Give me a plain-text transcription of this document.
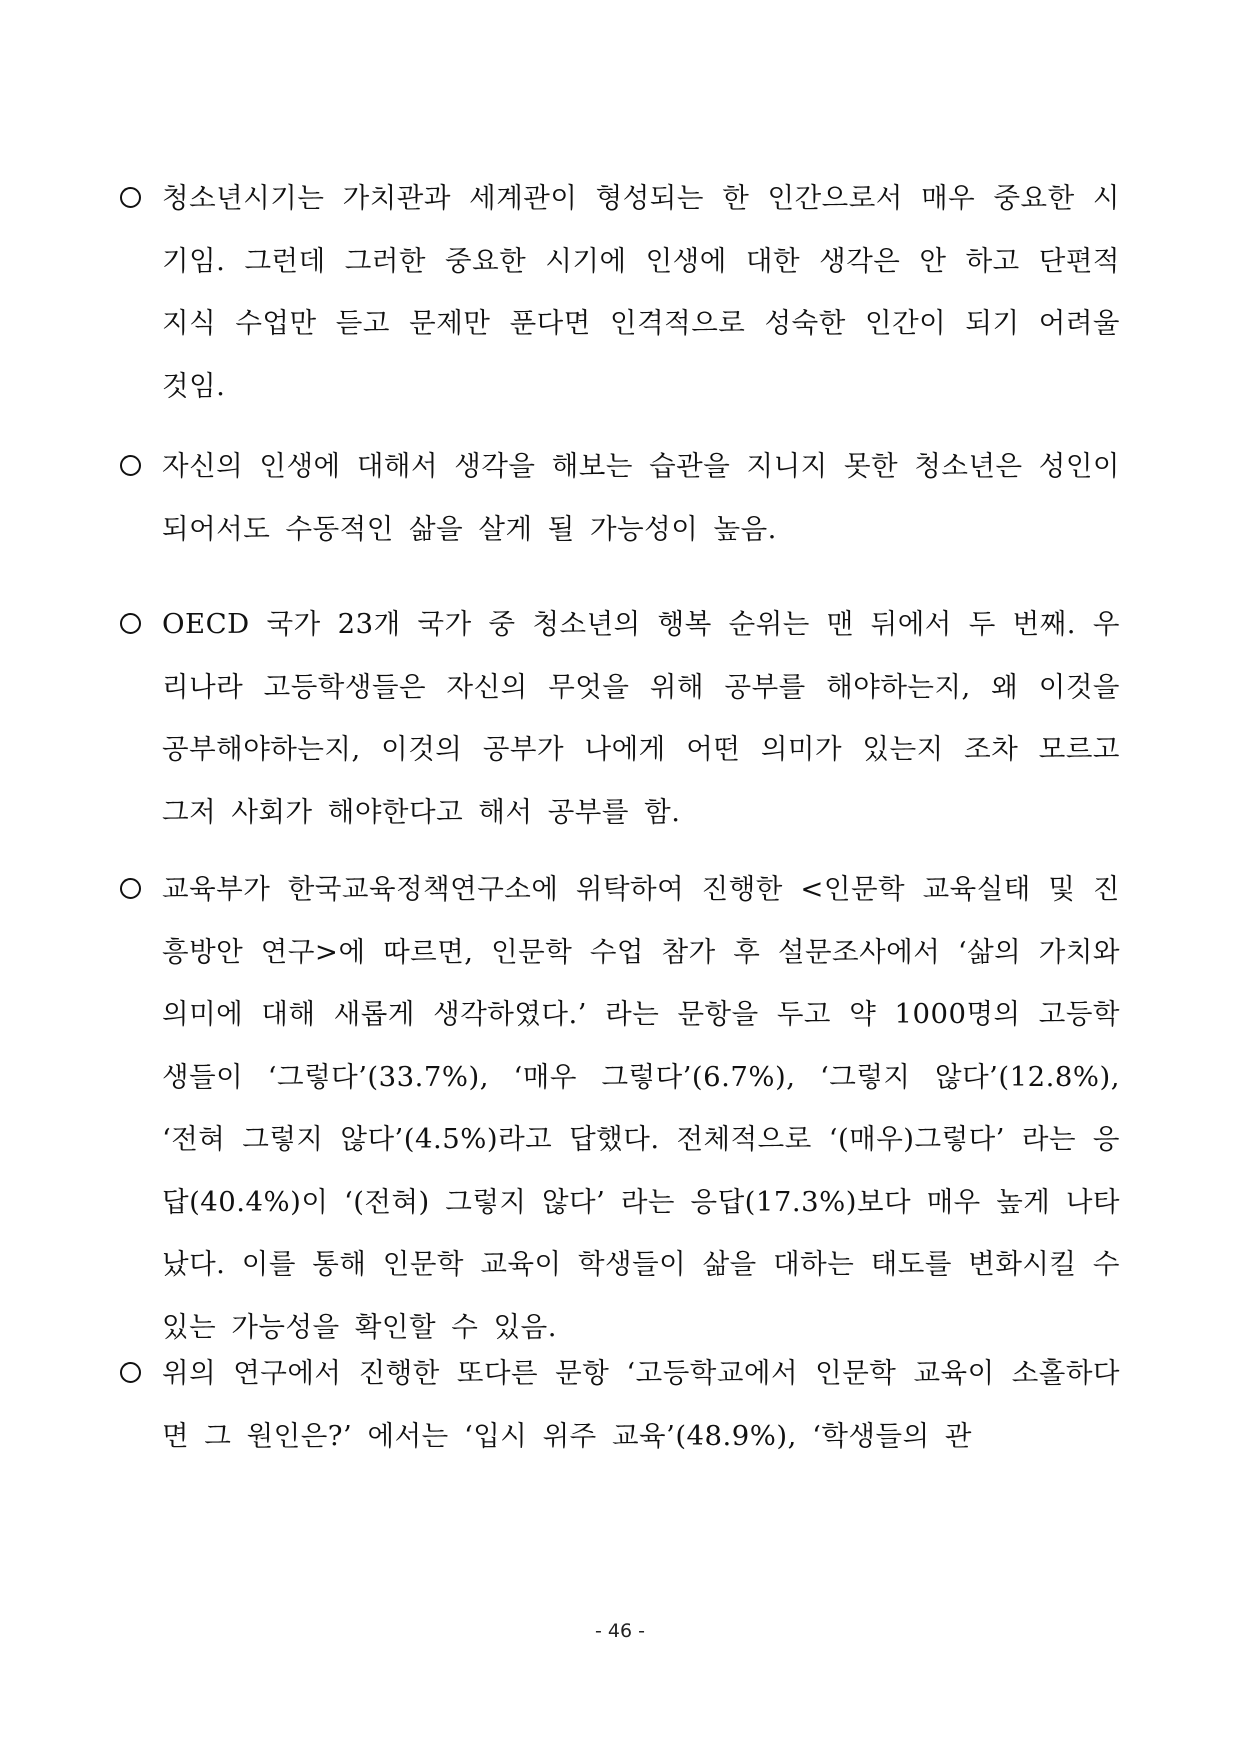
청소년시기는 가치관과 세계관이 형성되는 한 인간으로서 매우 중요한 시기임. 그런데 그러한 중요한 시기에 인생에 대한 생각은 안 하고 단편적 지식 수업만 듣고 문제만 푼다면 인격적으로 성숙한 인간이 되기 어려울 것임.
자신의 인생에 대해서 생각을 해보는 습관을 지니지 못한 청소년은 성인이 되어서도 수동적인 삶을 살게 될 가능성이 높음.
OECD 국가 23개 국가 중 청소년의 행복 순위는 맨 뒤에서 두 번째. 우리나라 고등학생들은 자신의 무엇을 위해 공부를 해야하는지, 왜 이것을 공부해야하는지, 이것의 공부가 나에게 어떤 의미가 있는지 조차 모르고 그저 사회가 해야한다고 해서 공부를 함.
교육부가 한국교육정책연구소에 위탁하여 진행한 <인문학 교육실태 및 진흥방안 연구>에 따르면, 인문학 수업 참가 후 설문조사에서 ‘삶의 가치와 의미에 대해 새롭게 생각하였다.’ 라는 문항을 두고 약 1000명의 고등학생들이 ‘그렇다’(33.7%), ‘매우 그렇다’(6.7%), ‘그렇지 않다’(12.8%), ‘전혀 그렇지 않다’(4.5%)라고 답했다. 전체적으로 ‘(매우)그렇다’ 라는 응답(40.4%)이 ‘(전혀) 그렇지 않다’ 라는 응답(17.3%)보다 매우 높게 나타났다. 이를 통해 인문학 교육이 학생들이 삶을 대하는 태도를 변화시킬 수 있는 가능성을 확인할 수 있음.
위의 연구에서 진행한 또다른 문항 ‘고등학교에서 인문학 교육이 소홀하다면 그 원인은?’ 에서는 ‘입시 위주 교육’(48.9%), ‘학생들의 관
- 46 -
